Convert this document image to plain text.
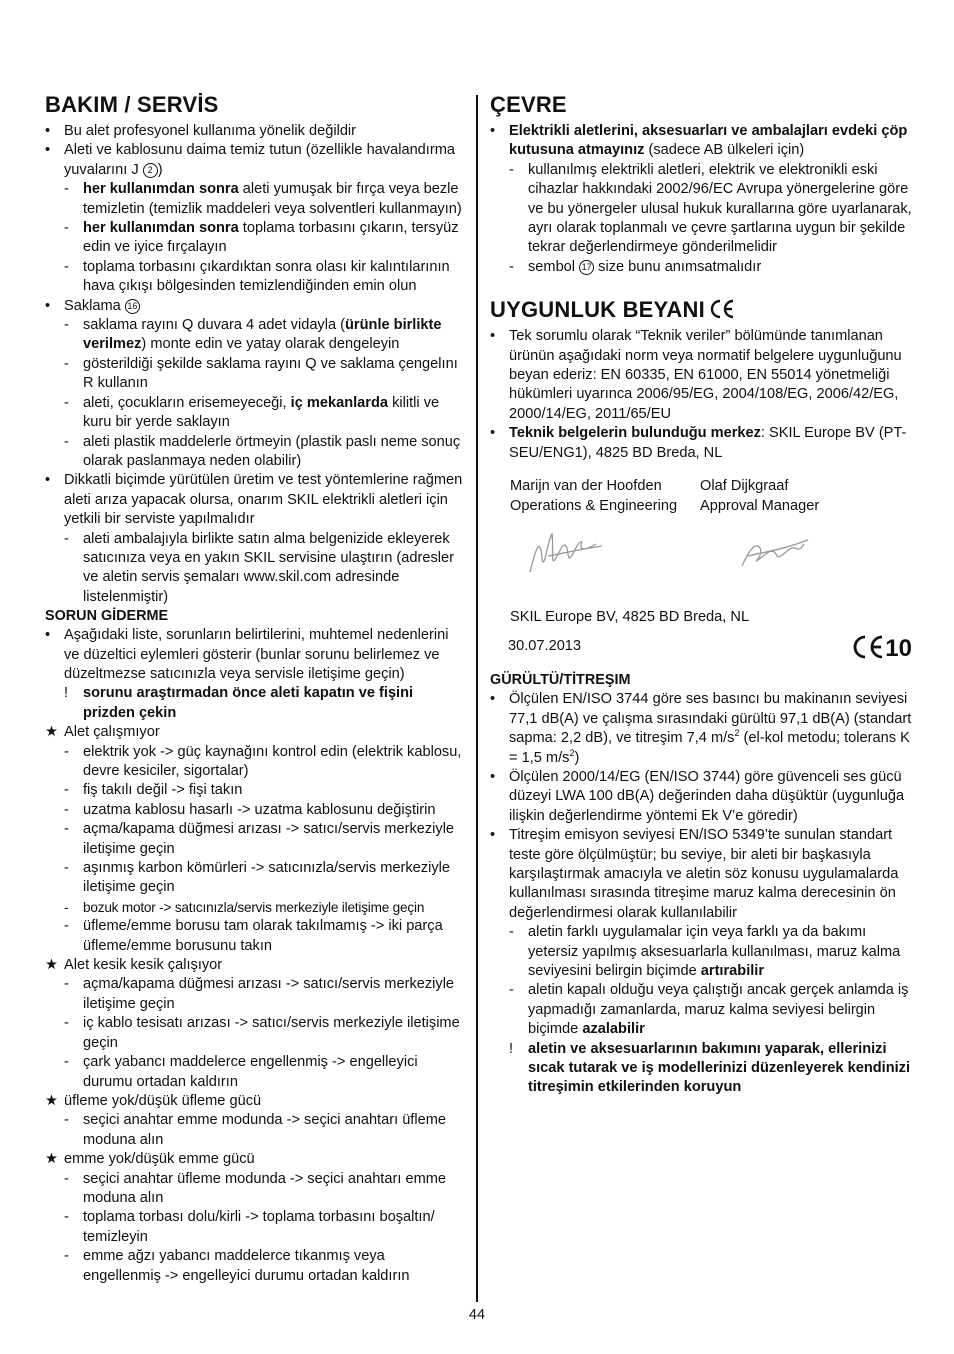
BAKIM / SERVİS
• Bu alet profesyonel kullanıma yönelik değildir
• Aleti ve kablosunu daima temiz tutun (özellikle havalandırma yuvalarını J 2 )
- her kullanımdan sonra aleti yumuşak bir fırça veya bezle temizletin (temizlik maddeleri veya solventleri kullanmayın)
- her kullanımdan sonra toplama torbasını çıkarın, tersyüz edin ve iyice fırçalayın
- toplama torbasını çıkardıktan sonra olası kir kalıntılarının hava çıkışı bölgesinden temizlendiğinden emin olun
• Saklama 16
- saklama rayını Q duvara 4 adet vidayla (ürünle birlikte verilmez) monte edin ve yatay olarak dengeleyin
- gösterildiği şekilde saklama rayını Q ve saklama çengelını R kullanın
- aleti, çocukların erisemeyeceği, iç mekanlarda kilitli ve kuru bir yerde saklayın
- aleti plastik maddelerle örtmeyin (plastik paslı neme sonuç olarak paslanmaya neden olabilir)
• Dikkatli biçimde yürütülen üretim ve test yöntemlerine rağmen aleti arıza yapacak olursa, onarım SKIL elektrikli aletleri için yetkili bir serviste yapılmalıdır
- aleti ambalajıyla birlikte satın alma belgenizide ekleyerek satıcınıza veya en yakın SKIL servisine ulaştırın (adresler ve aletin servis şemaları www.skil.com adresinde listelenmiştir)
SORUN GİDERME
• Aşağıdaki liste, sorunların belirtilerini, muhtemel nedenlerini ve düzeltici eylemleri gösterir (bunlar sorunu belirlemez ve düzeltmezse satıcınızla veya servisle iletişime geçin)
!	sorunu araştırmadan önce aleti kapatın ve fişini prizden çekin
★ Alet çalışmıyor
- elektrik yok -> güç kaynağını kontrol edin (elektrik kablosu, devre kesiciler, sigortalar)
- fiş takılı değil -> fişi takın
- uzatma kablosu hasarlı -> uzatma kablosunu değiştirin
- açma/kapama düğmesi arızası -> satıcı/servis merkeziyle iletişime geçin
- aşınmış karbon kömürleri -> satıcınızla/servis merkeziyle iletişime geçin
-	bozuk motor -> satıcınızla/servis merkeziyle iletişime geçin
- üfleme/emme borusu tam olarak takılmamış -> iki parça üfleme/emme borusunu takın
★ Alet kesik kesik çalışıyor
- açma/kapama düğmesi arızası -> satıcı/servis merkeziyle iletişime geçin
- iç kablo tesisatı arızası -> satıcı/servis merkeziyle iletişime geçin
- çark yabancı maddelerce engellenmiş -> engelleyici durumu ortadan kaldırın
★ üfleme yok/düşük üfleme gücü
- seçici anahtar emme modunda -> seçici anahtarı üfleme moduna alın
★ emme yok/düşük emme gücü
- seçici anahtar üfleme modunda -> seçici anahtarı emme moduna alın
- toplama torbası dolu/kirli -> toplama torbasını boşaltın/ temizleyin
- emme ağzı yabancı maddelerce tıkanmış veya engellenmiş -> engelleyici durumu ortadan kaldırın
ÇEVRE
• Elektrikli aletlerini, aksesuarları ve ambalajları evdeki çöp kutusuna atmayınız (sadece AB ülkeleri için)
- kullanılmış elektrikli aletleri, elektrik ve elektronikli eski cihazlar hakkındaki 2002/96/EC Avrupa yönergelerine göre ve bu yönergeler ulusal hukuk kurallarına göre uyarlanarak, ayrı olarak toplanmalı ve çevre şartlarına uygun bir şekilde tekrar değerlendirmeye gönderilmelidir
- sembol 17 size bunu anımsatmalıdır
UYGUNLUK BEYANI
• Tek sorumlu olarak “Teknik veriler” bölümünde tanımlanan ürünün aşağıdaki norm veya normatif belgelere uygunluğunu beyan ederiz: EN 60335, EN 61000, EN 55014 yönetmeliği hükümleri uyarınca 2006/95/EG, 2004/108/EG, 2006/42/EG, 2000/14/EG, 2011/65/EU
• Teknik belgelerin bulunduğu merkez: SKIL Europe BV (PT-SEU/ENG1), 4825 BD Breda, NL
Marijn van der Hoofden	Olaf Dijkgraaf
Operations & Engineering	Approval Manager
SKIL Europe BV, 4825 BD Breda, NL
30.07.2013	10
GÜRÜLTÜ/TİTREŞIM
• Ölçülen EN/ISO 3744 göre ses basıncı bu makinanın seviyesi 77,1 dB(A) ve çalışma sırasındaki gürültü 97,1 dB(A) (standart sapma: 2,2 dB), ve titreşim 7,4 $m/s^2$ (el-kol metodu; tolerans K = 1,5 $m/s^2$)
• Ölçülen 2000/14/EG (EN/ISO 3744) göre güvenceli ses gücü düzeyi LWA 100 dB(A) değerinden daha düşüktür (uygunluğa ilişkin değerlendirme yöntemi Ek V’e göredir)
• Titreşim emisyon seviyesi EN/ISO 5349’te sunulan standart teste göre ölçülmüştür; bu seviye, bir aleti bir başkasıyla karşılaştırmak amacıyla ve aletin söz konusu uygulamalarda kullanılması sırasında titreşime maruz kalma derecesinin ön değerlendirmesi olarak kullanılabilir
- aletin farklı uygulamalar için veya farklı ya da bakımı yetersiz yapılmış aksesuarlarla kullanılması, maruz kalma seviyesini belirgin biçimde artırabilir
- aletin kapalı olduğu veya çalıştığı ancak gerçek anlamda iş yapmadığı zamanlarda, maruz kalma seviyesi belirgin biçimde azalabilir
!	aletin ve aksesuarlarının bakımını yaparak, ellerinizi sıcak tutarak ve iş modellerinizi düzenleyerek kendinizi titreşimin etkilerinden koruyun
44
